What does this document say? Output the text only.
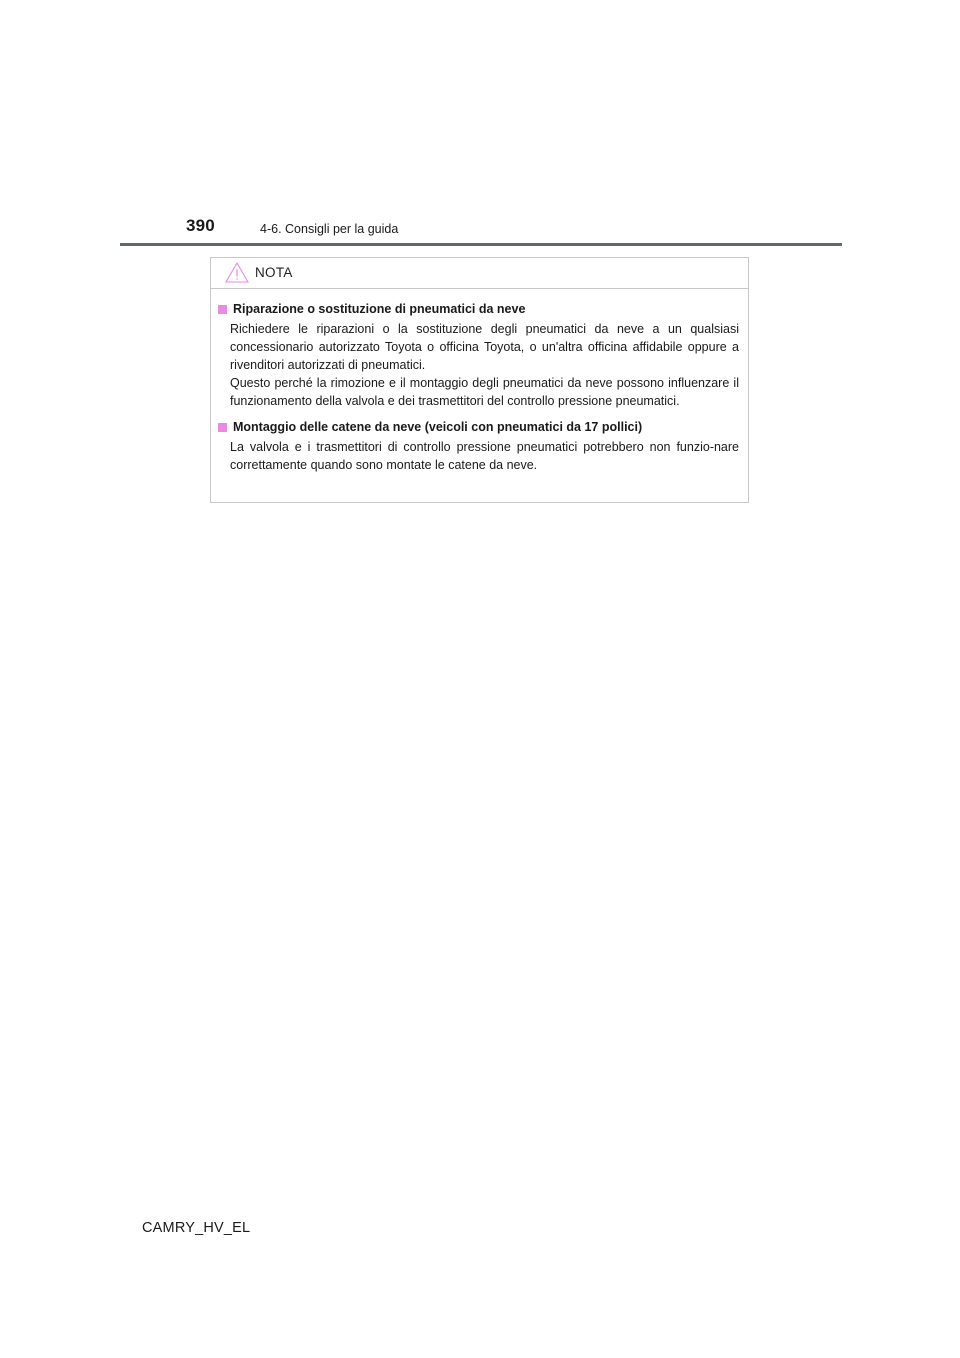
390	4-6. Consigli per la guida
NOTA
Riparazione o sostituzione di pneumatici da neve

Richiedere le riparazioni o la sostituzione degli pneumatici da neve a un qualsiasi concessionario autorizzato Toyota o officina Toyota, o un'altra officina affidabile oppure a rivenditori autorizzati di pneumatici.

Questo perché la rimozione e il montaggio degli pneumatici da neve possono influenzare il funzionamento della valvola e dei trasmettitori del controllo pressione pneumatici.

Montaggio delle catene da neve (veicoli con pneumatici da 17 pollici)

La valvola e i trasmettitori di controllo pressione pneumatici potrebbero non funzio-nare correttamente quando sono montate le catene da neve.

CAMRY_HV_EL
